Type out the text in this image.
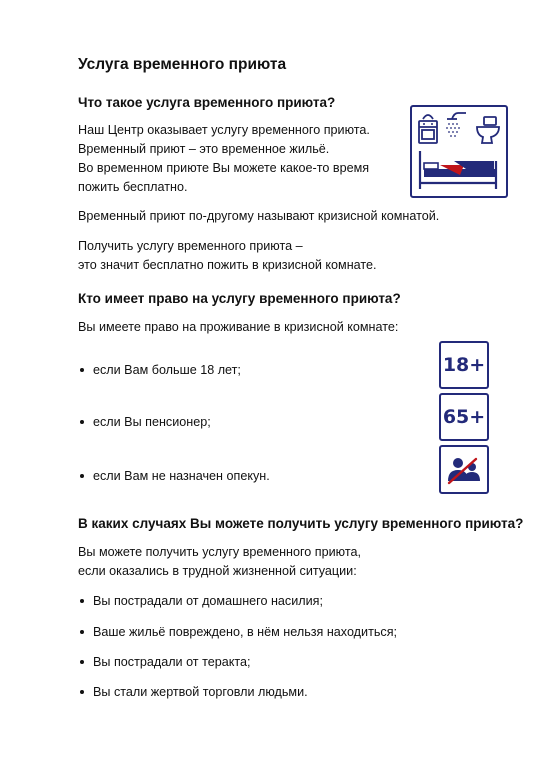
Услуга временного приюта
Что такое услуга временного приюта?
Наш Центр оказывает услугу временного приюта.
Временный приют – это временное жильё.
Во временном приюте Вы можете какое-то время
пожить бесплатно.
Временный приют по-другому называют кризисной комнатой.
Получить услугу временного приюта –
это значит бесплатно пожить в кризисной комнате.
Кто имеет право на услугу временного приюта?
Вы имеете право на проживание в кризисной комнате:
если Вам больше 18 лет;
если Вы пенсионер;
если Вам не назначен опекун.
18+
65+
В каких случаях Вы можете получить услугу временного приюта?
Вы можете получить услугу временного приюта,
если оказались в трудной жизненной ситуации:
Вы пострадали от домашнего насилия;
Ваше жильё повреждено, в нём нельзя находиться;
Вы пострадали от теракта;
Вы стали жертвой торговли людьми.
